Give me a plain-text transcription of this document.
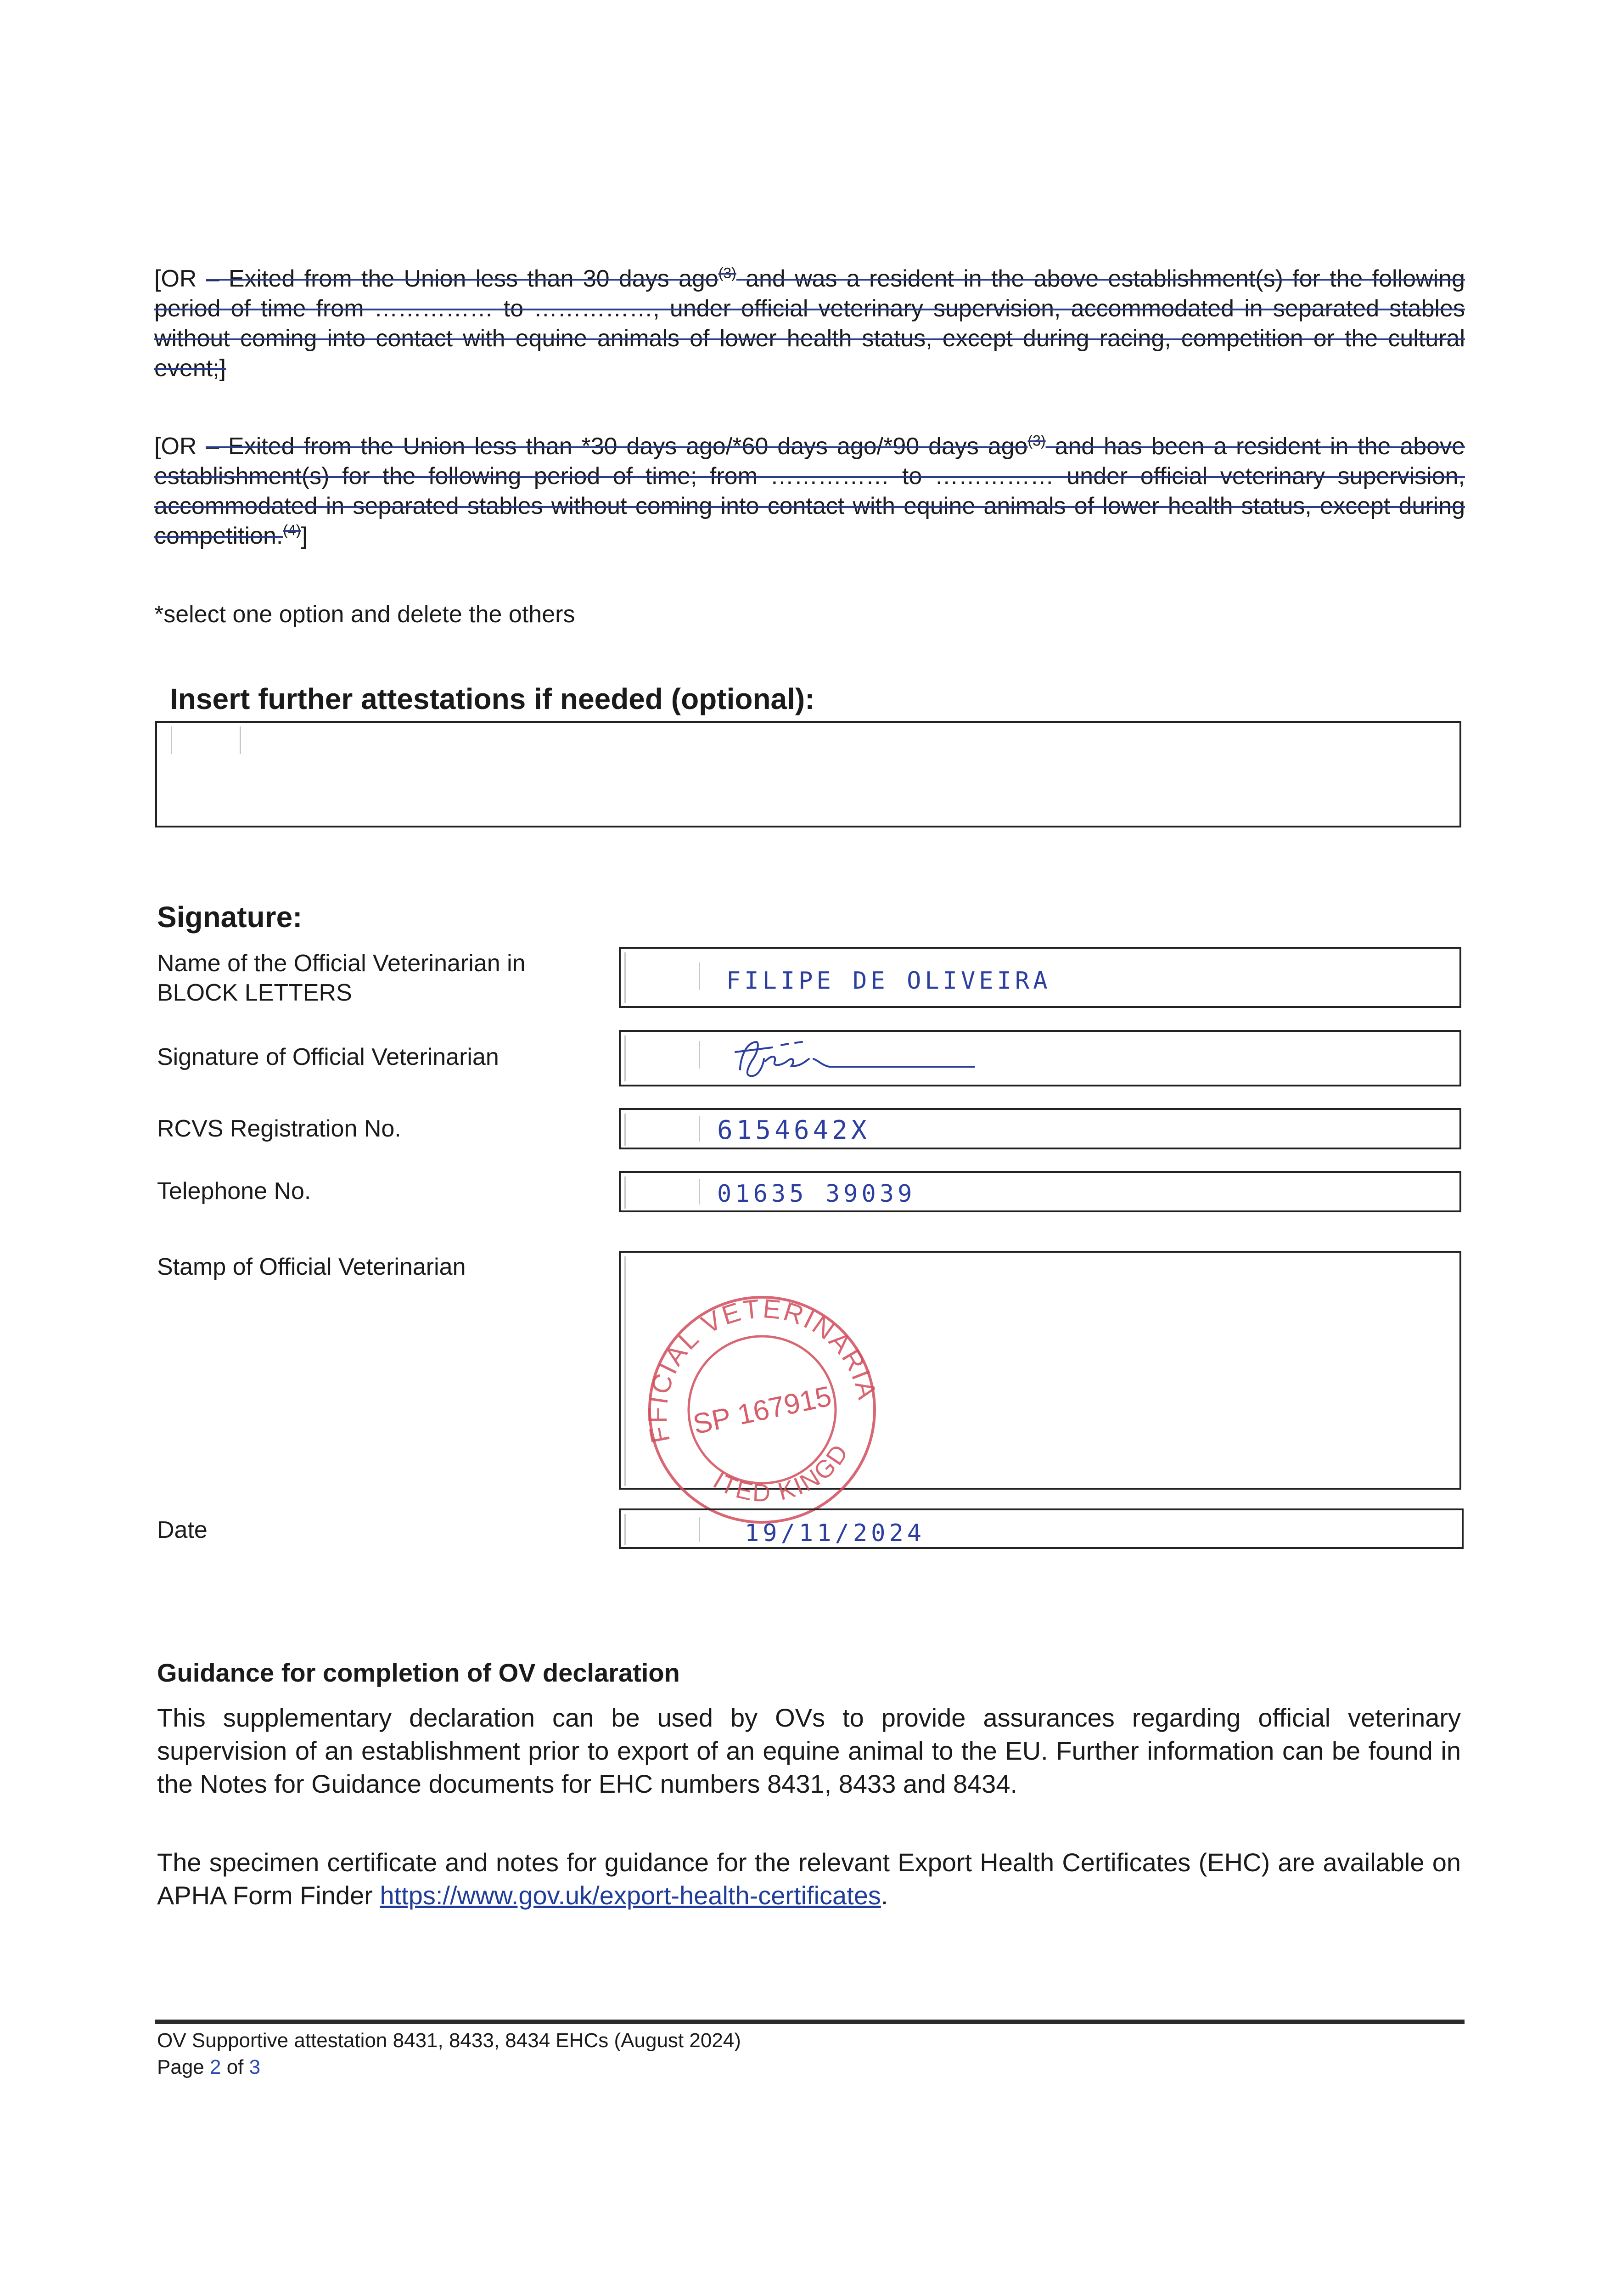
[OR – Exited from the Union less than 30 days ago$^{(3)}$ and was a resident in the above establishment(s) for the following period of time from …………… to ……………, under official veterinary supervision, accommodated in separated stables without coming into contact with equine animals of lower health status, except during racing, competition or the cultural event;]
[OR – Exited from the Union less than *30 days ago/*60 days ago/*90 days ago$^{(3)}$ and has been a resident in the above establishment(s) for the following period of time; from …………… to …………… under official veterinary supervision, accommodated in separated stables without coming into contact with equine animals of lower health status, except during competition.$^{(4)}$]
*select one option and delete the others
Insert further attestations if needed (optional):
Signature:
Name of the Official Veterinarian in BLOCK LETTERS	FILIPE DE OLIVEIRA
Signature of Official Veterinarian
RCVS Registration No.	6154642X
Telephone No.	01635 39039
Stamp of Official Veterinarian
OFFICIAL VETERINARIAN
UNITED KINGDOM
SP 167915
Date	19/11/2024
Guidance for completion of OV declaration
This supplementary declaration can be used by OVs to provide assurances regarding official veterinary supervision of an establishment prior to export of an equine animal to the EU. Further information can be found in the Notes for Guidance documents for EHC numbers 8431, 8433 and 8434.
The specimen certificate and notes for guidance for the relevant Export Health Certificates (EHC) are available on APHA Form Finder https://www.gov.uk/export-health-certificates.
OV Supportive attestation 8431, 8433, 8434 EHCs (August 2024)
Page 2 of 3
